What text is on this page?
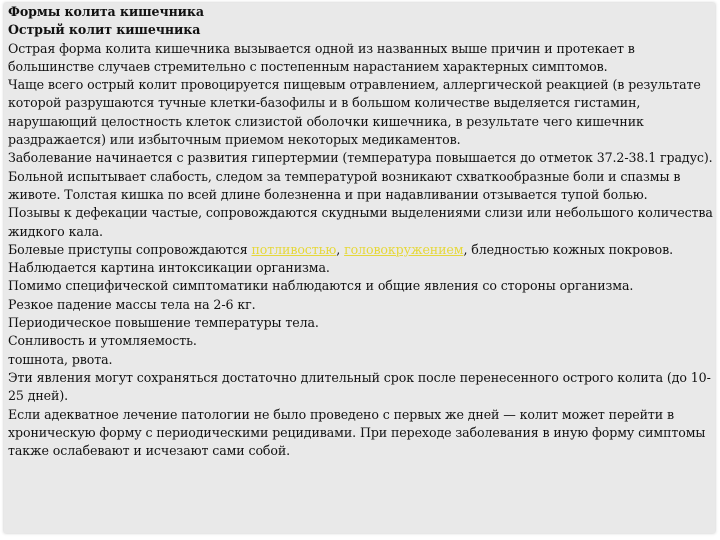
Формы колита кишечника

Острый колит кишечника

Острая форма колита кишечника вызывается одной из названных выше причин и протекает в большинстве случаев стремительно с постепенным нарастанием характерных симптомов.

Чаще всего острый колит провоцируется пищевым отравлением, аллергической реакцией (в результате которой разрушаются тучные клетки-базофилы и в большом количестве выделяется гистамин, нарушающий целостность клеток слизистой оболочки кишечника, в результате чего кишечник раздражается) или избыточным приемом некоторых медикаментов.

Заболевание начинается с развития гипертермии (температура повышается до отметок 37.2-38.1 градус). Больной испытывает слабость, следом за температурой возникают схваткообразные боли и спазмы в животе. Толстая кишка по всей длине болезненна и при надавливании отзывается тупой болью.

Позывы к дефекации частые, сопровождаются скудными выделениями слизи или небольшого количества жидкого кала.

Болевые приступы сопровождаются потливостью, головокружением, бледностью кожных покровов. Наблюдается картина интоксикации организма.

Помимо специфической симптоматики наблюдаются и общие явления со стороны организма.

Резкое падение массы тела на 2-6 кг.

Периодическое повышение температуры тела.

Сонливость и утомляемость.

тошнота, рвота.

Эти явления могут сохраняться достаточно длительный срок после перенесенного острого колита (до 10-25 дней).

Если адекватное лечение патологии не было проведено с первых же дней — колит может перейти в хроническую форму с периодическими рецидивами. При переходе заболевания в иную форму симптомы также ослабевают и исчезают сами собой.
